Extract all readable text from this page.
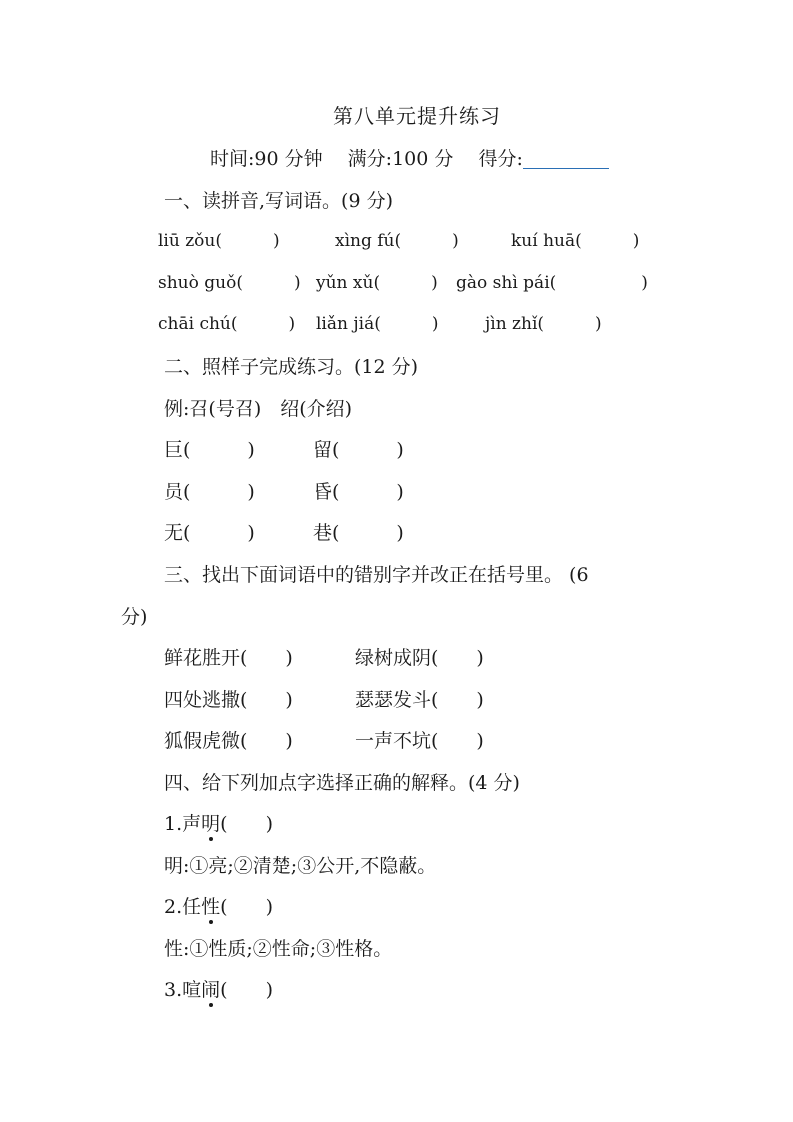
第八单元提升练习
时间:90 分钟　 满分:100 分　 得分:
一、读拼音,写词语。(9 分)
liū zǒu(　　　)	xìng fú(　　　)	kuí huā(　　　)
shuò guǒ(　　　) yǔn xǔ(　　　) gào shì pái(　　　　　)
chāi chú(　　　) liǎn jiá(　　　)	jìn zhǐ(　　　)
二、照样子完成练习。(12 分)
例:召(号召)　绍(介绍)
巨(　　　)	留(　　　)
员(　　　)	昏(　　　)
无(　　　)	巷(　　　)
三、找出下面词语中的错别字并改正在括号里。 (6
分)
鲜花胜开(　　)	绿树成阴(　　)
四处逃撒(　　)	瑟瑟发斗(　　)
狐假虎微(　　)	一声不坑(　　)
四、给下列加点字选择正确的解释。(4 分)
1.声明(　　)
明:①亮;②清楚;③公开,不隐蔽。
2.任性(　　)
性:①性质;②性命;③性格。
3.喧闹(　　)
